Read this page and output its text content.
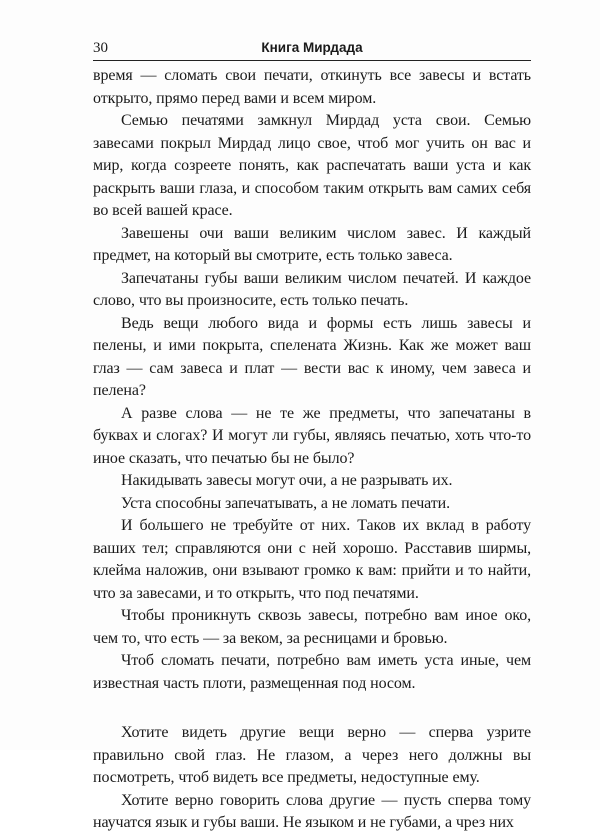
30	Книга Мирдада

время — сломать свои печати, откинуть все завесы и встать открыто, прямо перед вами и всем миром.

Семью печатями замкнул Мирдад уста свои. Семью завесами покрыл Мирдад лицо свое, чтоб мог учить он вас и мир, когда созреете понять, как распечатать ваши уста и как раскрыть ваши глаза, и способом таким открыть вам самих себя во всей вашей красе.

Завешены очи ваши великим числом завес. И каждый предмет, на который вы смотрите, есть только завеса.

Запечатаны губы ваши великим числом печатей. И каждое слово, что вы произносите, есть только печать.

Ведь вещи любого вида и формы есть лишь завесы и пелены, и ими покрыта, спелената Жизнь. Как же может ваш глаз — сам завеса и плат — вести вас к иному, чем завеса и пелена?

А разве слова — не те же предметы, что запечатаны в буквах и слогах? И могут ли губы, являясь печатью, хоть что-то иное сказать, что печатью бы не было?

Накидывать завесы могут очи, а не разрывать их.

Уста способны запечатывать, а не ломать печати.

И большего не требуйте от них. Таков их вклад в работу ваших тел; справляются они с ней хорошо. Расставив ширмы, клейма наложив, они взывают громко к вам: прийти и то найти, что за завесами, и то открыть, что под печатями.

Чтобы проникнуть сквозь завесы, потребно вам иное око, чем то, что есть — за веком, за ресницами и бровью.

Чтоб сломать печати, потребно вам иметь уста иные, чем известная часть плоти, размещенная под носом.

Хотите видеть другие вещи верно — сперва узрите правильно свой глаз. Не глазом, а через него должны вы посмотреть, чтоб видеть все предметы, недоступные ему.

Хотите верно говорить слова другие — пусть сперва тому научатся язык и губы ваши. Не языком и не губами, а чрез них
